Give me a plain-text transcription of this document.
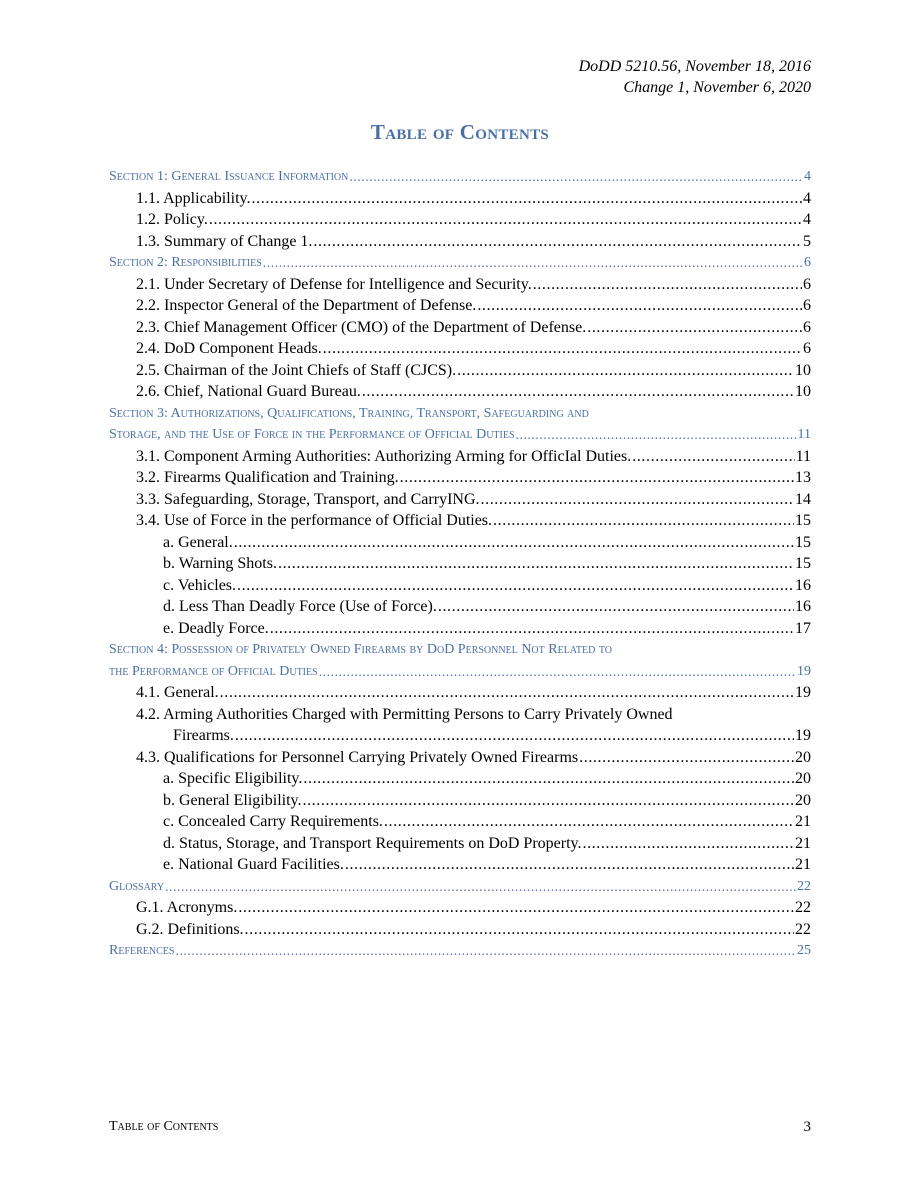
DoDD 5210.56, November 18, 2016
Change 1, November 6, 2020
Table of Contents
Section 1: General Issuance Information .....	4
1.1. Applicability. .....	4
1.2. Policy. .....	4
1.3. Summary of Change 1. .....	5
Section 2: Responsibilities .....	6
2.1. Under Secretary of Defense for Intelligence and Security. .....	6
2.2. Inspector General of the Department of Defense. .....	6
2.3. Chief Management Officer (CMO) of the Department of Defense. .....	6
2.4. DoD Component Heads. .....	6
2.5. Chairman of the Joint Chiefs of Staff (CJCS). .....	10
2.6. Chief, National Guard Bureau. .....	10
Section 3: Authorizations, Qualifications, Training, Transport, Safeguarding and
Storage, and the Use of Force in the Performance of Official Duties .....	11
3.1. Component Arming Authorities: Authorizing Arming for OfficIal Duties. .....	11
3.2. Firearms Qualification and Training. .....	13
3.3. Safeguarding, Storage, Transport, and CarryING. .....	14
3.4. Use of Force in the performance of Official Duties. .....	15
a. General. .....	15
b. Warning Shots. .....	15
c. Vehicles. .....	16
d. Less Than Deadly Force (Use of Force). .....	16
e. Deadly Force. .....	17
Section 4: Possession of Privately Owned Firearms by DoD Personnel Not Related to
the Performance of Official Duties .....	19
4.1. General. .....	19
4.2. Arming Authorities Charged with Permitting Persons to Carry Privately Owned
Firearms. .....	19
4.3. Qualifications for Personnel Carrying Privately Owned Firearms .....	20
a. Specific Eligibility. .....	20
b. General Eligibility. .....	20
c. Concealed Carry Requirements. .....	21
d. Status, Storage, and Transport Requirements on DoD Property. .....	21
e. National Guard Facilities. .....	21
Glossary .....	22
G.1. Acronyms. .....	22
G.2. Definitions. .....	22
References .....	25
Table of Contents	3
